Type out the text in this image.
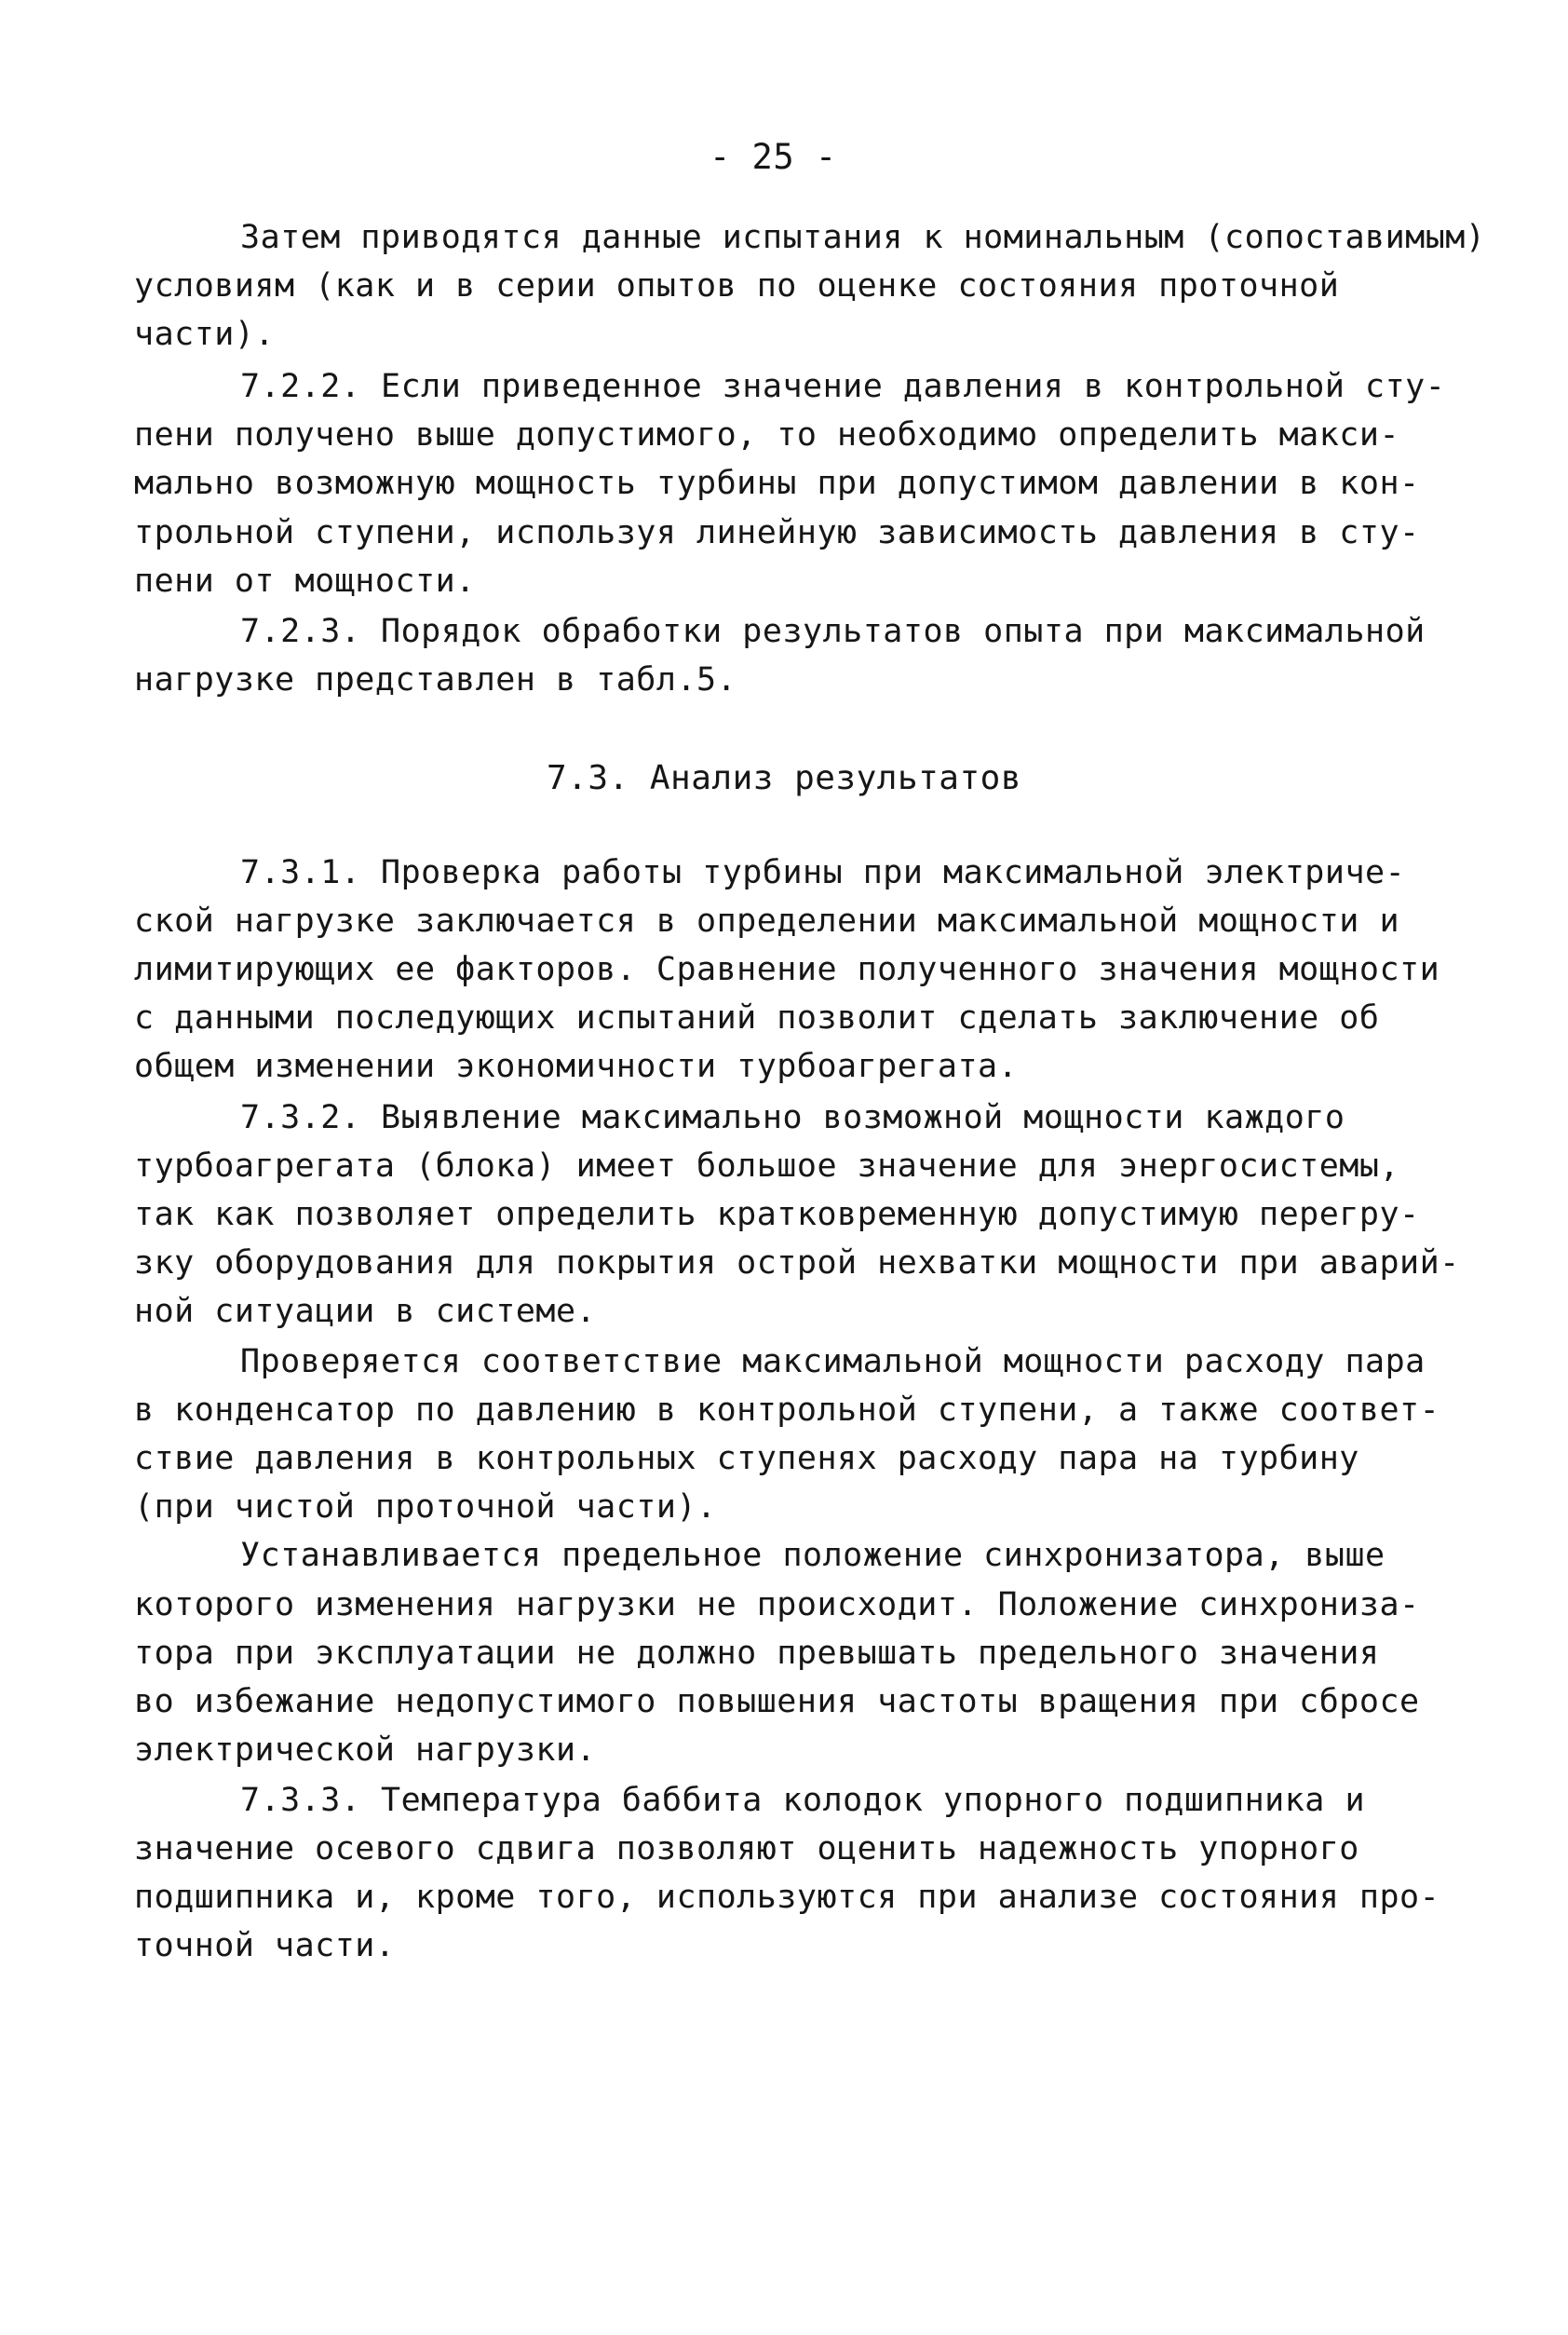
- 25 -
Затем приводятся данные испытания к номинальным (сопоставимым)
условиям (как и в серии опытов по оценке состояния проточной
части).
7.2.2. Если приведенное значение давления в контрольной сту-
пени получено выше допустимого, то необходимо определить макси-
мально возможную мощность турбины при допустимом давлении в кон-
трольной ступени, используя линейную зависимость давления в сту-
пени от мощности.
7.2.3. Порядок обработки результатов опыта при максимальной
нагрузке представлен в табл.5.
7.3. Анализ результатов
7.3.1. Проверка работы турбины при максимальной электриче-
ской нагрузке заключается в определении максимальной мощности и
лимитирующих ее факторов. Сравнение полученного значения мощности
с данными последующих испытаний позволит сделать заключение об
общем изменении экономичности турбоагрегата.
7.3.2. Выявление максимально возможной мощности каждого
турбоагрегата (блока) имеет большое значение для энергосистемы,
так как позволяет определить кратковременную допустимую перегру-
зку оборудования для покрытия острой нехватки мощности при аварий-
ной ситуации в системе.
Проверяется соответствие максимальной мощности расходу пара
в конденсатор по давлению в контрольной ступени, а также соответ-
ствие давления в контрольных ступенях расходу пара на турбину
(при чистой проточной части).
Устанавливается предельное положение синхронизатора, выше
которого изменения нагрузки не происходит. Положение синхрониза-
тора при эксплуатации не должно превышать предельного значения
во избежание недопустимого повышения частоты вращения при сбросе
электрической нагрузки.
7.3.3. Температура баббита колодок упорного подшипника и
значение осевого сдвига позволяют оценить надежность упорного
подшипника и, кроме того, используются при анализе состояния про-
точной части.
